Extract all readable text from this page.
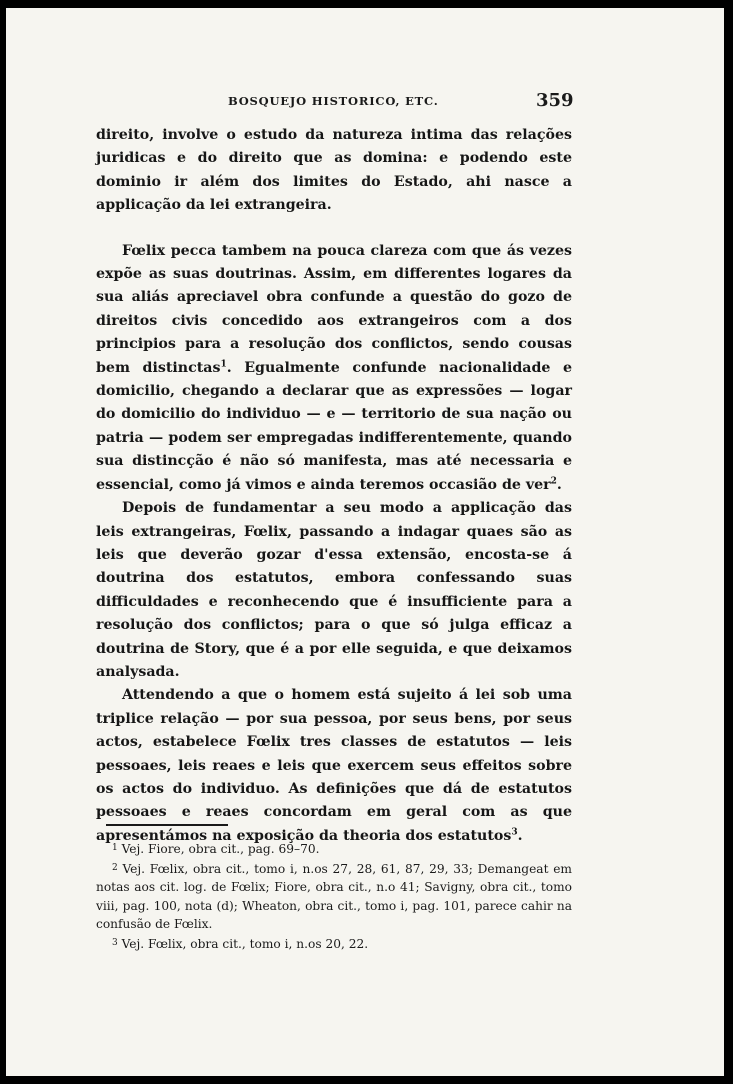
BOSQUEJO HISTORICO, ETC.	359

direito, involve o estudo da natureza intima das relações juridicas e do direito que as domina: e podendo este dominio ir além dos limites do Estado, ahi nasce a applicação da lei extrangeira.

Fœlix pecca tambem na pouca clareza com que ás vezes expõe as suas doutrinas. Assim, em differentes logares da sua aliás apreciavel obra confunde a questão do gozo de direitos civis concedido aos extrangeiros com a dos principios para a resolução dos conflictos, sendo cousas bem distinctas$^1$. Egualmente confunde nacionalidade e domicilio, chegando a declarar que as expressões — logar do domicilio do individuo — e — territorio de sua nação ou patria — podem ser empregadas indifferentemente, quando sua distincção é não só manifesta, mas até necessaria e essencial, como já vimos e ainda teremos occasião de ver$^2$.

Depois de fundamentar a seu modo a applicação das leis extrangeiras, Fœlix, passando a indagar quaes são as leis que deverão gozar d'essa extensão, encosta-se á doutrina dos estatutos, embora confessando suas difficuldades e reconhecendo que é insufficiente para a resolução dos conflictos; para o que só julga efficaz a doutrina de Story, que é a por elle seguida, e que deixamos analysada.

Attendendo a que o homem está sujeito á lei sob uma triplice relação — por sua pessoa, por seus bens, por seus actos, estabelece Fœlix tres classes de estatutos — leis pessoaes, leis reaes e leis que exercem seus effeitos sobre os actos do individuo. As definições que dá de estatutos pessoaes e reaes concordam em geral com as que apresentámos na exposição da theoria dos estatutos$^3$.

$^1$ Vej. Fiore, obra cit., pag. 69–70.

$^2$ Vej. Fœlix, obra cit., tomo i, n.os 27, 28, 61, 87, 29, 33; Demangeat em notas aos cit. log. de Fœlix; Fiore, obra cit., n.o 41; Savigny, obra cit., tomo viii, pag. 100, nota (d); Wheaton, obra cit., tomo i, pag. 101, parece cahir na confusão de Fœlix.

$^3$ Vej. Fœlix, obra cit., tomo i, n.os 20, 22.
